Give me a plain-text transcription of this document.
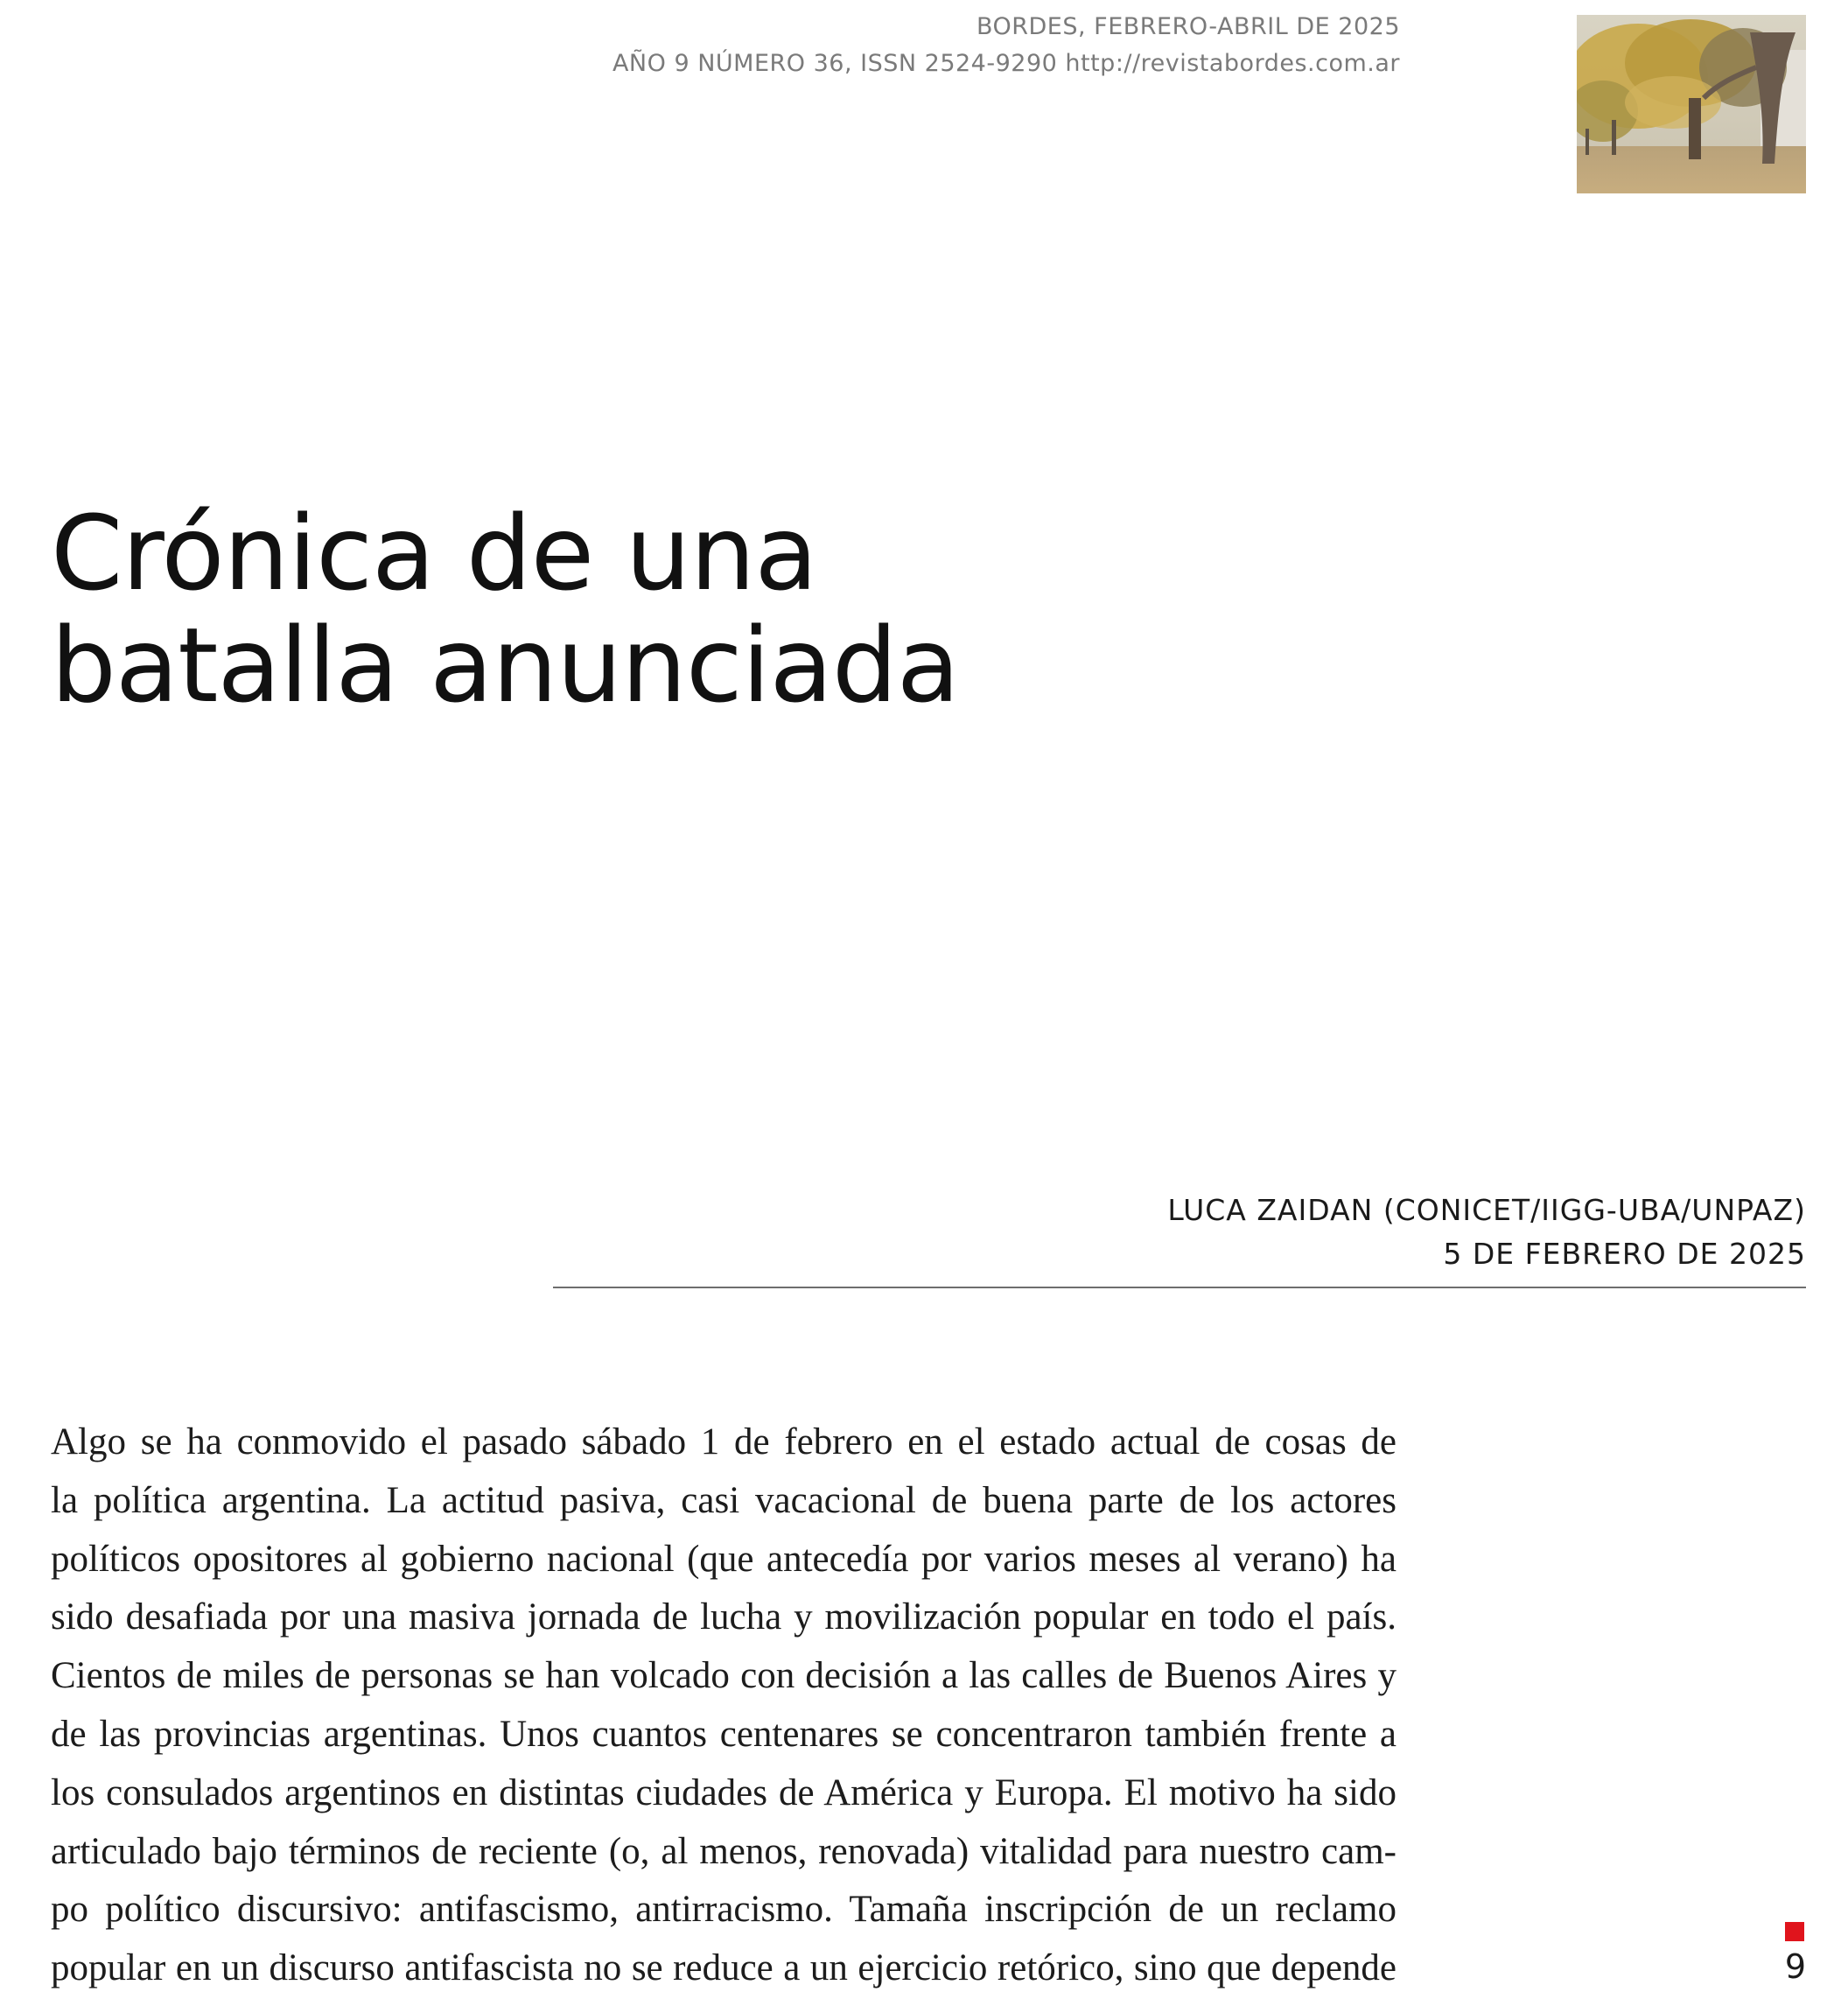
BORDES, FEBRERO-ABRIL DE 2025
AÑO 9 NÚMERO 36, ISSN 2524-9290 http://revistabordes.com.ar
Crónica de una
batalla anunciada
LUCA ZAIDAN (CONICET/IIGG-UBA/UNPAZ)
5 DE FEBRERO DE 2025

Algo se ha conmovido el pasado sábado 1 de febrero en el estado actual de cosas de
la política argentina. La actitud pasiva, casi vacacional de buena parte de los actores
políticos opositores al gobierno nacional (que antecedía por varios meses al verano) ha
sido desafiada por una masiva jornada de lucha y movilización popular en todo el país.
Cientos de miles de personas se han volcado con decisión a las calles de Buenos Aires y
de las provincias argentinas. Unos cuantos centenares se concentraron también frente a
los consulados argentinos en distintas ciudades de América y Europa. El motivo ha sido
articulado bajo términos de reciente (o, al menos, renovada) vitalidad para nuestro cam-
po político discursivo: antifascismo, antirracismo. Tamaña inscripción de un reclamo
popular en un discurso antifascista no se reduce a un ejercicio retórico, sino que depende	9
